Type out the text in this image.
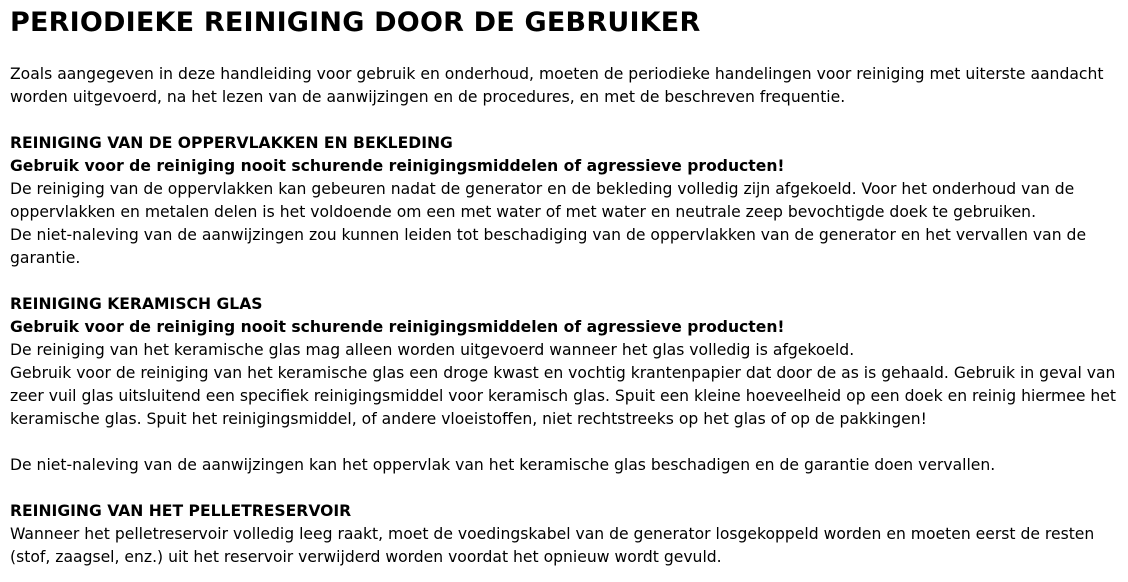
PERIODIEKE REINIGING DOOR DE GEBRUIKER

Zoals aangegeven in deze handleiding voor gebruik en onderhoud, moeten de periodieke handelingen voor reiniging met uiterste aandacht worden uitgevoerd, na het lezen van de aanwijzingen en de procedures, en met de beschreven frequentie.

REINIGING VAN DE OPPERVLAKKEN EN BEKLEDING

Gebruik voor de reiniging nooit schurende reinigingsmiddelen of agressieve producten!

De reiniging van de oppervlakken kan gebeuren nadat de generator en de bekleding volledig zijn afgekoeld. Voor het onderhoud van de oppervlakken en metalen delen is het voldoende om een met water of met water en neutrale zeep bevochtigde doek te gebruiken.

De niet-naleving van de aanwijzingen zou kunnen leiden tot beschadiging van de oppervlakken van de generator en het vervallen van de garantie.

REINIGING KERAMISCH GLAS

Gebruik voor de reiniging nooit schurende reinigingsmiddelen of agressieve producten!

De reiniging van het keramische glas mag alleen worden uitgevoerd wanneer het glas volledig is afgekoeld.

Gebruik voor de reiniging van het keramische glas een droge kwast en vochtig krantenpapier dat door de as is gehaald. Gebruik in geval van zeer vuil glas uitsluitend een specifiek reinigingsmiddel voor keramisch glas. Spuit een kleine hoeveelheid op een doek en reinig hiermee het keramische glas. Spuit het reinigingsmiddel, of andere vloeistoffen, niet rechtstreeks op het glas of op de pakkingen!

De niet-naleving van de aanwijzingen kan het oppervlak van het keramische glas beschadigen en de garantie doen vervallen.

REINIGING VAN HET PELLETRESERVOIR

Wanneer het pelletreservoir volledig leeg raakt, moet de voedingskabel van de generator losgekoppeld worden en moeten eerst de resten (stof, zaagsel, enz.) uit het reservoir verwijderd worden voordat het opnieuw wordt gevuld.
